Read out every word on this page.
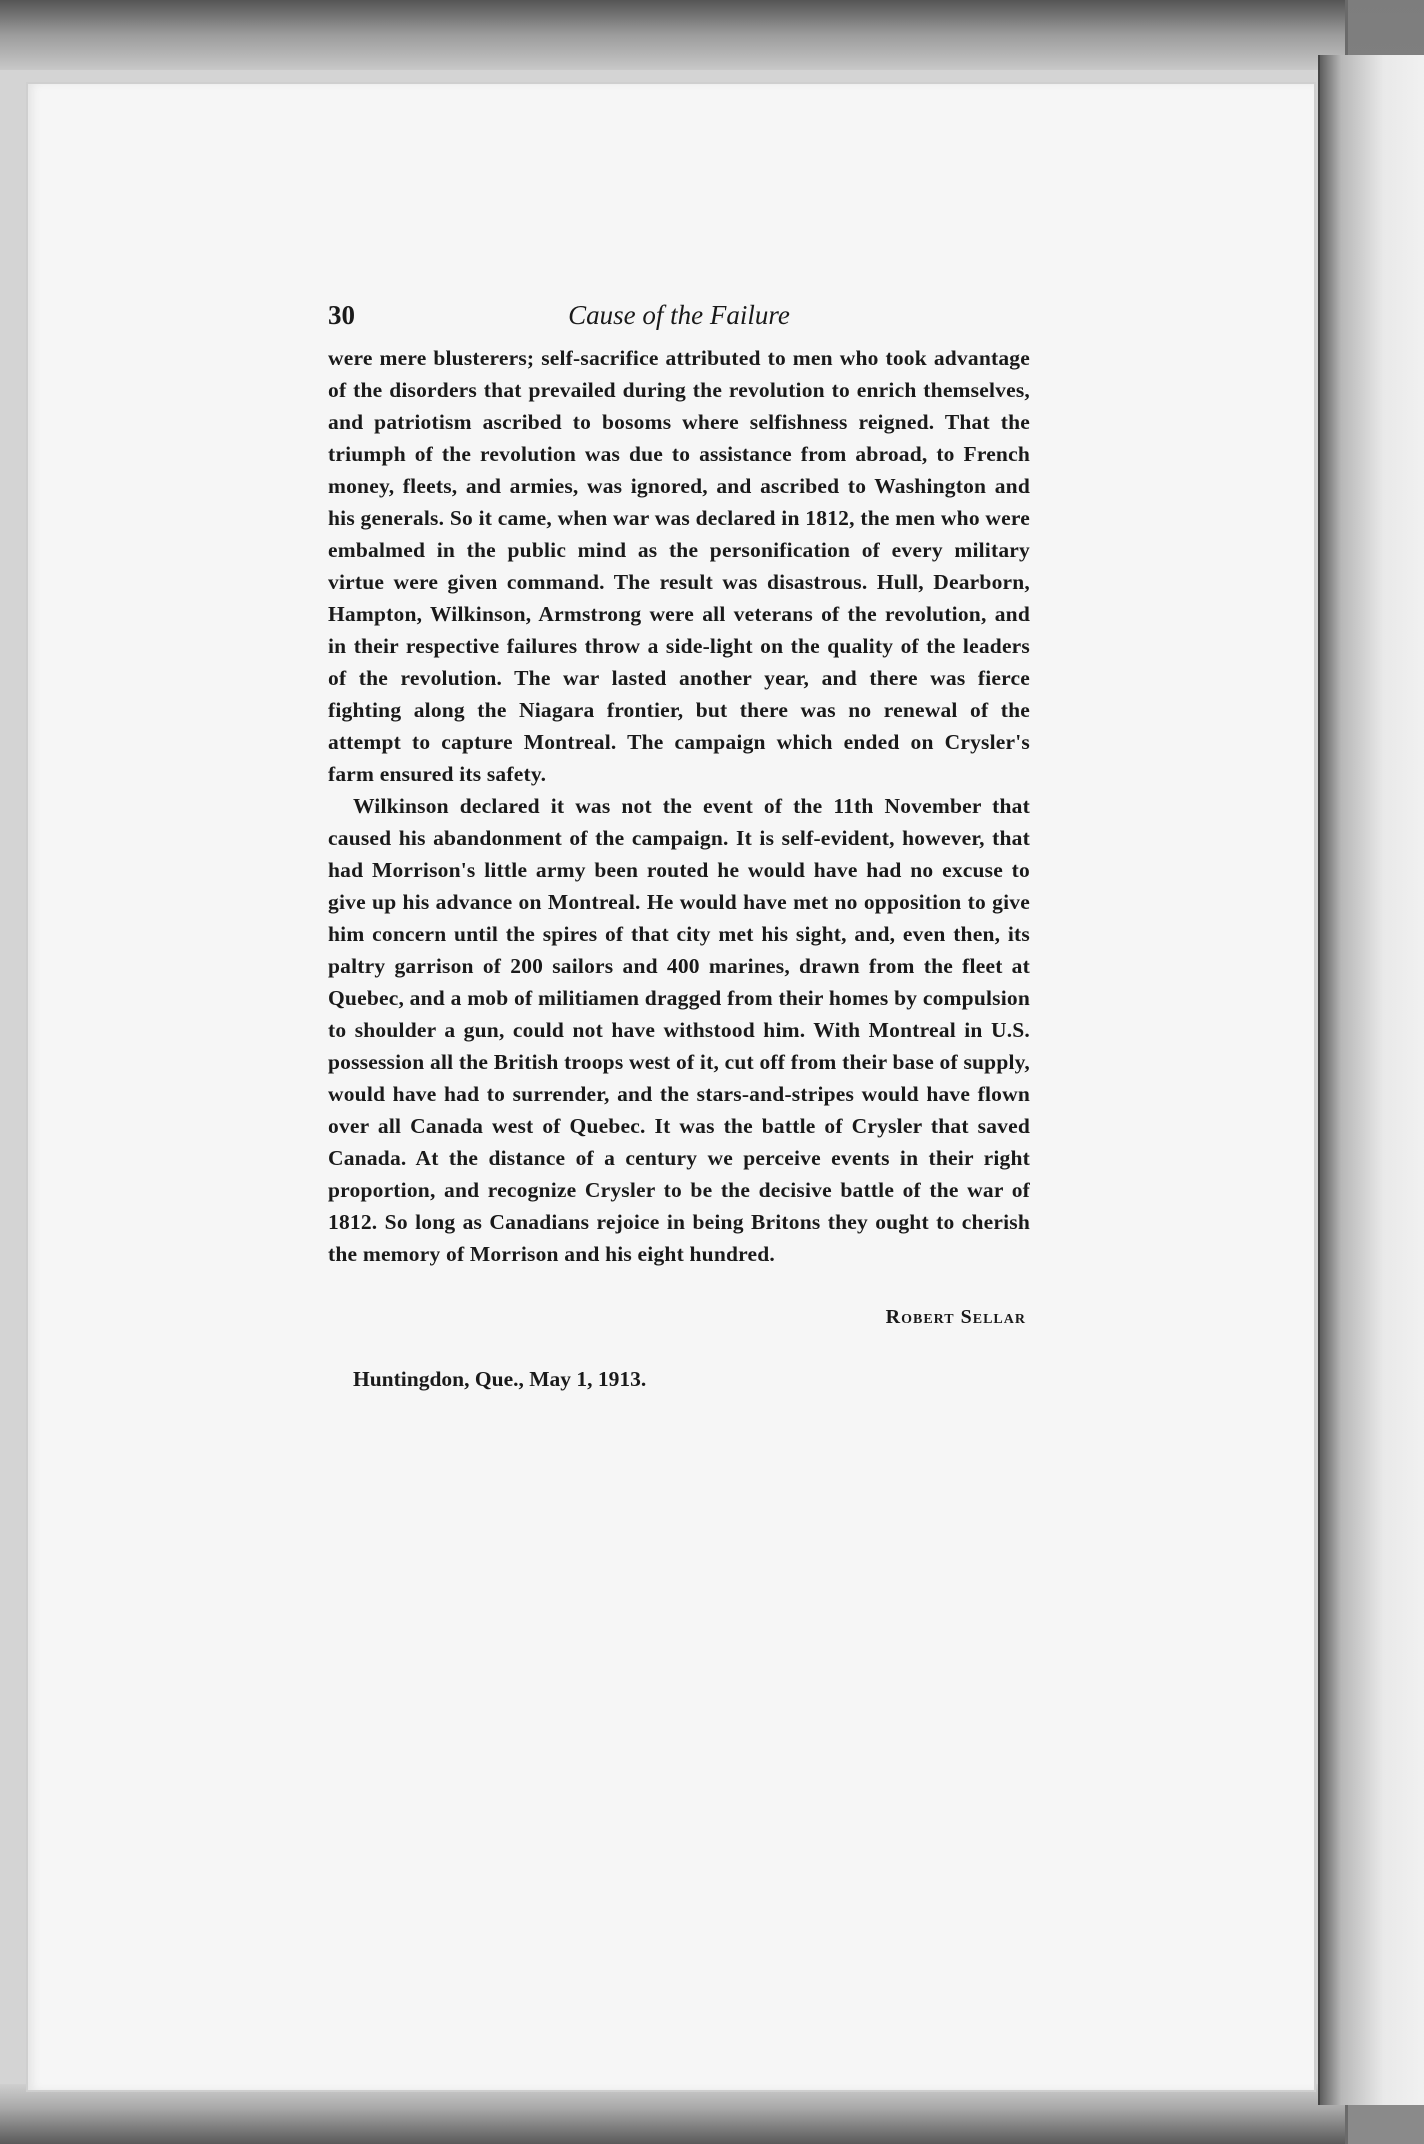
30	Cause of the Failure

were mere blusterers; self-sacrifice attributed to men who took advantage of the disorders that prevailed during the revolution to enrich themselves, and patriotism ascribed to bosoms where selfishness reigned. That the triumph of the revolution was due to assistance from abroad, to French money, fleets, and armies, was ignored, and ascribed to Washington and his generals. So it came, when war was declared in 1812, the men who were embalmed in the public mind as the personification of every military virtue were given command. The result was disastrous. Hull, Dearborn, Hampton, Wilkinson, Armstrong were all veterans of the revolution, and in their respective failures throw a side-light on the quality of the leaders of the revolution. The war lasted another year, and there was fierce fighting along the Niagara frontier, but there was no renewal of the attempt to capture Montreal. The campaign which ended on Crysler's farm ensured its safety.

Wilkinson declared it was not the event of the 11th November that caused his abandonment of the campaign. It is self-evident, however, that had Morrison's little army been routed he would have had no excuse to give up his advance on Montreal. He would have met no opposition to give him concern until the spires of that city met his sight, and, even then, its paltry garrison of 200 sailors and 400 marines, drawn from the fleet at Quebec, and a mob of militiamen dragged from their homes by compulsion to shoulder a gun, could not have withstood him. With Montreal in U.S. possession all the British troops west of it, cut off from their base of supply, would have had to surrender, and the stars-and-stripes would have flown over all Canada west of Quebec. It was the battle of Crysler that saved Canada. At the distance of a century we perceive events in their right proportion, and recognize Crysler to be the decisive battle of the war of 1812. So long as Canadians rejoice in being Britons they ought to cherish the memory of Morrison and his eight hundred.

Robert Sellar
Huntingdon, Que., May 1, 1913.
